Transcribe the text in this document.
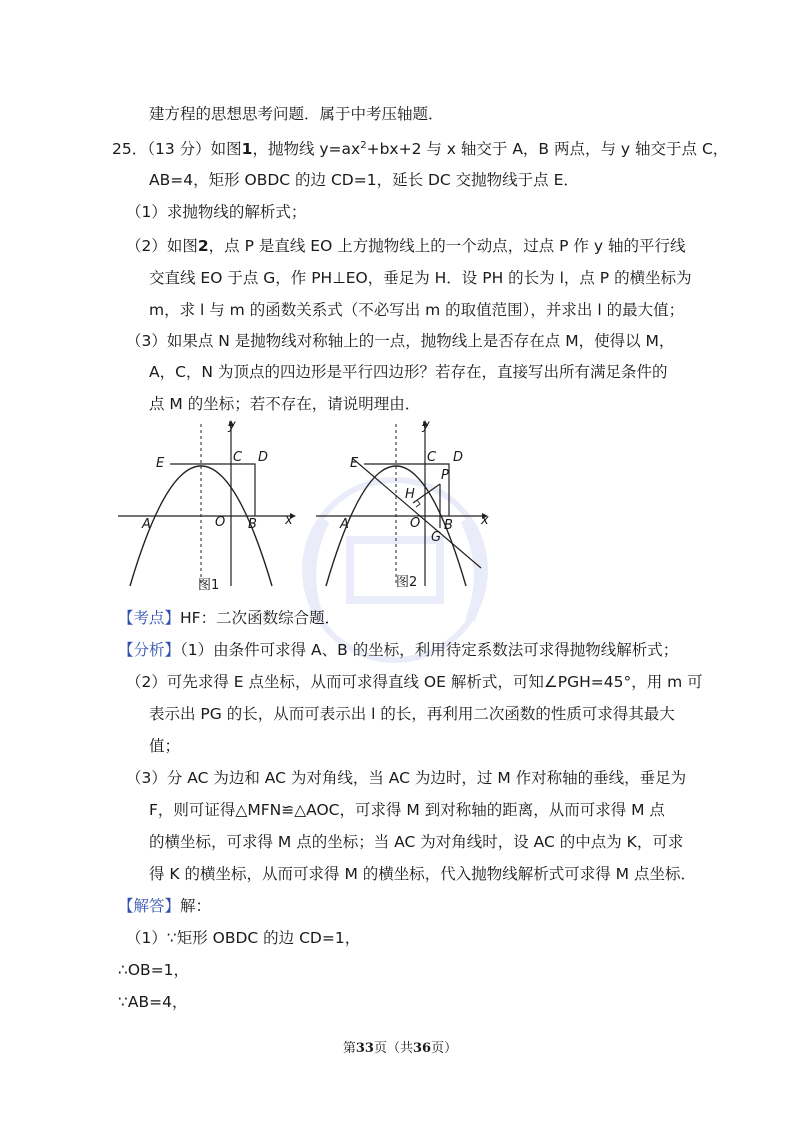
建方程的思想思考问题．属于中考压轴题．
25．（13 分）如图1，抛物线 $y=ax^2+bx+2$ 与 x 轴交于 A，B 两点，与 y 轴交于点 C，
AB=4，矩形 OBDC 的边 CD=1，延长 DC 交抛物线于点 E．
（1）求抛物线的解析式；
（2）如图2，点 P 是直线 EO 上方抛物线上的一个动点，过点 P 作 y 轴的平行线
交直线 EO 于点 G，作 PH⊥EO，垂足为 H．设 PH 的长为 l，点 P 的横坐标为
m，求 l 与 m 的函数关系式（不必写出 m 的取值范围），并求出 l 的最大值；
（3）如果点 N 是抛物线对称轴上的一点，抛物线上是否存在点 M，使得以 M，
A，C，N 为顶点的四边形是平行四边形？若存在，直接写出所有满足条件的
点 M 的坐标；若不存在，请说明理由．
y
E	C D
A	O B x
图1
y
E	C D
P
H
A	O B
G
x
图2
【考点】HF：二次函数综合题．
【分析】（1）由条件可求得 A、B 的坐标，利用待定系数法可求得抛物线解析式；
（2）可先求得 E 点坐标，从而可求得直线 OE 解析式，可知∠PGH=45°，用 m 可
表示出 PG 的长，从而可表示出 l 的长，再利用二次函数的性质可求得其最大
值；
（3）分 AC 为边和 AC 为对角线，当 AC 为边时，过 M 作对称轴的垂线，垂足为
F，则可证得△MFN≌△AOC，可求得 M 到对称轴的距离，从而可求得 M 点
的横坐标，可求得 M 点的坐标；当 AC 为对角线时，设 AC 的中点为 K，可求
得 K 的横坐标，从而可求得 M 的横坐标，代入抛物线解析式可求得 M 点坐标．
【解答】解：
（1）∵矩形 OBDC 的边 CD=1，
∴OB=1，
∵AB=4，
第33页（共36页）
